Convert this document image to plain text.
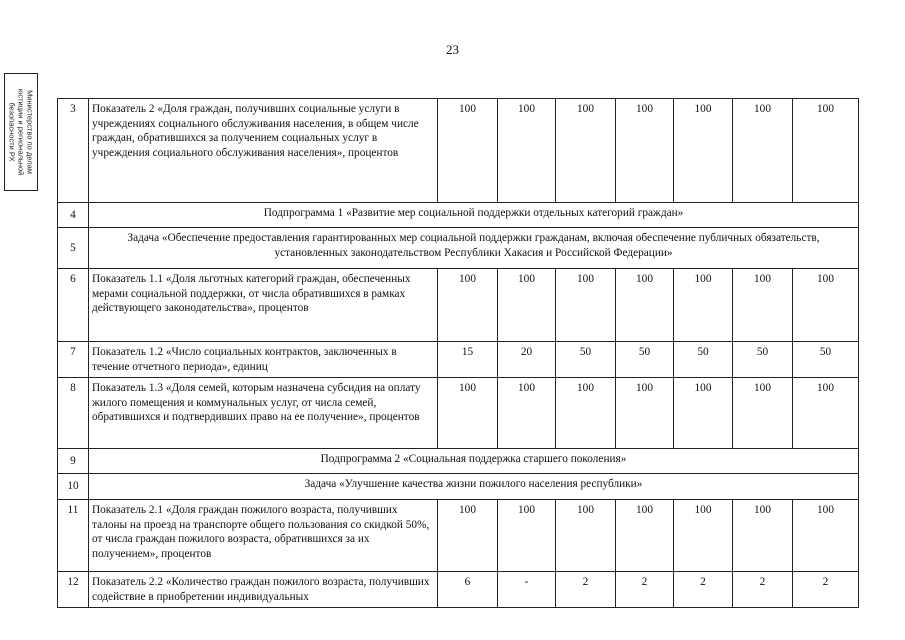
23
Министерство по делам
юстиции и региональной
безопасности РХ	3	Показатель 2 «Доля граждан, получивших социальные услуги в учреждениях социального обслуживания населения, в общем числе граждан, обратившихся за получением социальных услуг в учреждения социального обслуживания населения», процентов	100	100	100	100	100	100	100
4	Подпрограмма 1 «Развитие мер социальной поддержки отдельных категорий граждан»							
5	Задача «Обеспечение предоставления гарантированных мер социальной поддержки гражданам, включая обеспечение публичных обязательств, установленных законодательством Республики Хакасия и Российской Федерации»							
6	Показатель 1.1 «Доля льготных категорий граждан, обеспеченных мерами социальной поддержки, от числа обратившихся в рамках действующего законодательства», процентов	100	100	100	100	100	100	100
7	Показатель 1.2 «Число социальных контрактов, заключенных в течение отчетного периода», единиц	15	20	50	50	50	50	50
8	Показатель 1.3 «Доля семей, которым назначена субсидия на оплату жилого помещения и коммунальных услуг, от числа семей, обратившихся и подтвердивших право на ее получение», процентов	100	100	100	100	100	100	100
9	Подпрограмма 2 «Социальная поддержка старшего поколения»							
10	Задача «Улучшение качества жизни пожилого населения республики»							
11	Показатель 2.1 «Доля граждан пожилого возраста, получивших талоны на проезд на транспорте общего пользования со скидкой 50%, от числа граждан пожилого возраста, обратившихся за их получением», процентов	100	100	100	100	100	100	100
12	Показатель 2.2 «Количество граждан пожилого возраста, получивших содействие в приобретении индивидуальных	6	-	2	2	2	2	2
